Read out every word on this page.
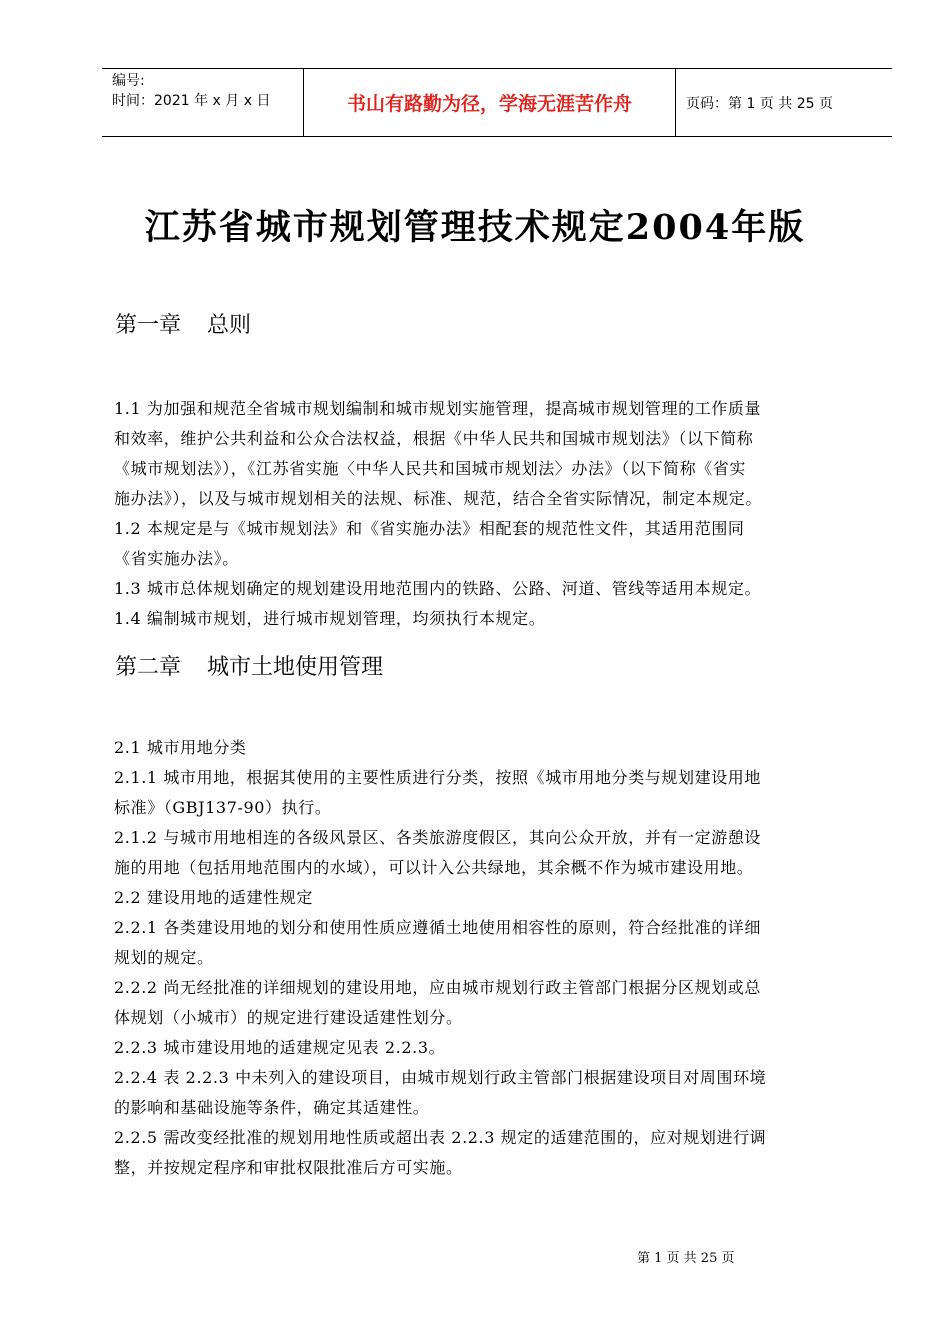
编号:
时间：2021 年 x 月 x 日	书山有路勤为径，学海无涯苦作舟	页码：第 1 页 共 25 页
江苏省城市规划管理技术规定2004年版
第一章 总则

1.1 为加强和规范全省城市规划编制和城市规划实施管理，提高城市规划管理的工作质量

和效率，维护公共利益和公众合法权益，根据《中华人民共和国城市规划法》（以下简称

《城市规划法》），《江苏省实施〈中华人民共和国城市规划法〉办法》（以下简称《省实

施办法》），以及与城市规划相关的法规、标准、规范，结合全省实际情况，制定本规定。

1.2 本规定是与《城市规划法》和《省实施办法》相配套的规范性文件，其适用范围同

《省实施办法》。

1.3 城市总体规划确定的规划建设用地范围内的铁路、公路、河道、管线等适用本规定。

1.4 编制城市规划，进行城市规划管理，均须执行本规定。

第二章 城市土地使用管理

2.1 城市用地分类

2.1.1 城市用地，根据其使用的主要性质进行分类，按照《城市用地分类与规划建设用地

标准》（GBJ137-90）执行。

2.1.2 与城市用地相连的各级风景区、各类旅游度假区，其向公众开放，并有一定游憩设

施的用地（包括用地范围内的水域），可以计入公共绿地，其余概不作为城市建设用地。

2.2 建设用地的适建性规定

2.2.1 各类建设用地的划分和使用性质应遵循土地使用相容性的原则，符合经批准的详细

规划的规定。

2.2.2 尚无经批准的详细规划的建设用地，应由城市规划行政主管部门根据分区规划或总

体规划（小城市）的规定进行建设适建性划分。

2.2.3 城市建设用地的适建规定见表 2.2.3。

2.2.4 表 2.2.3 中未列入的建设项目，由城市规划行政主管部门根据建设项目对周围环境

的影响和基础设施等条件，确定其适建性。

2.2.5 需改变经批准的规划用地性质或超出表 2.2.3 规定的适建范围的，应对规划进行调

整，并按规定程序和审批权限批准后方可实施。

第 1 页 共 25 页
